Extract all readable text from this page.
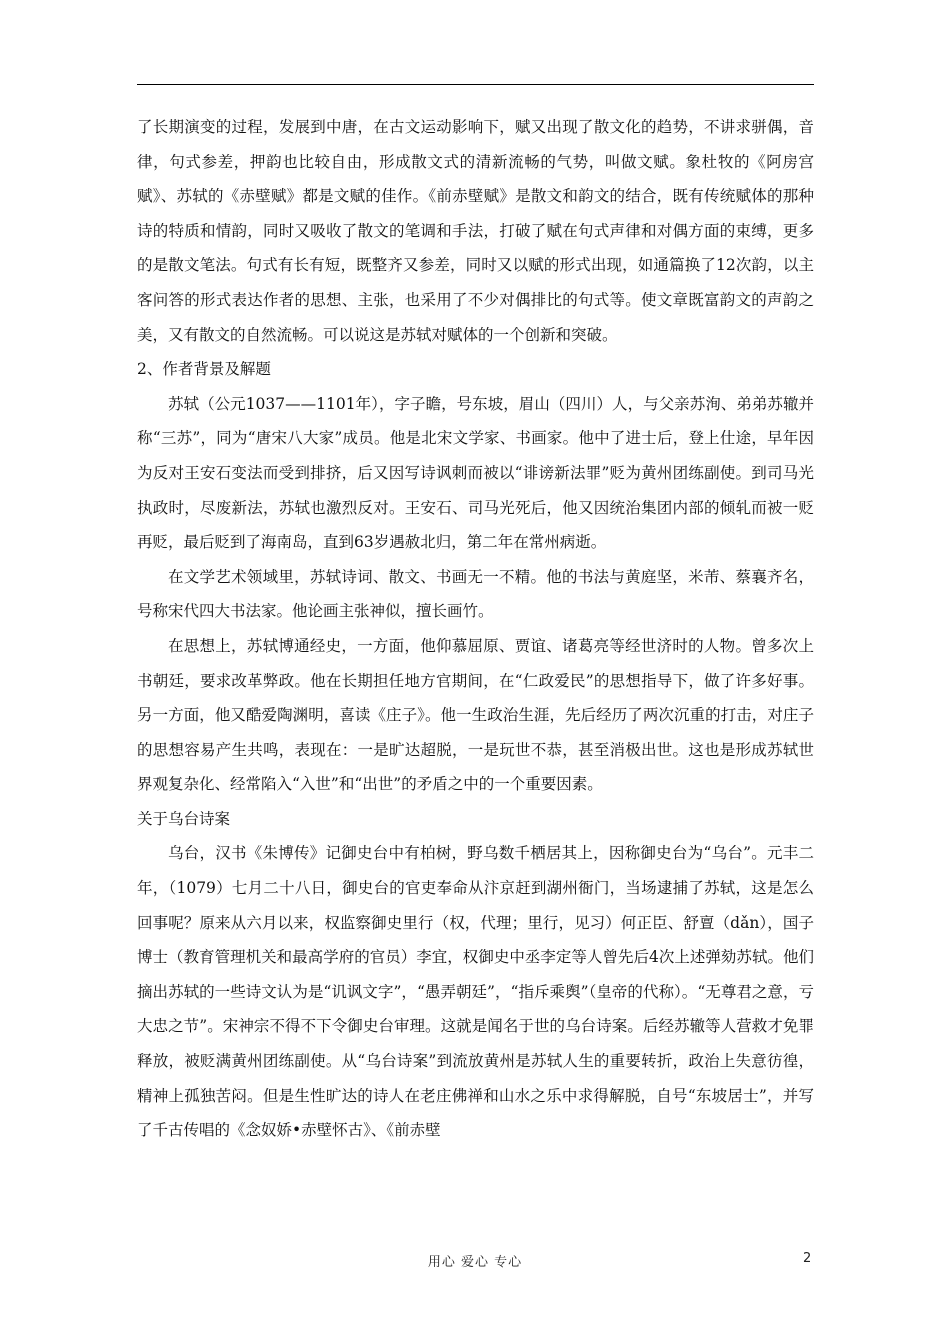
了长期演变的过程，发展到中唐，在古文运动影响下，赋又出现了散文化的趋势，不讲求骈偶，音律，句式参差，押韵也比较自由，形成散文式的清新流畅的气势，叫做文赋。象杜牧的《阿房宫赋》、苏轼的《赤壁赋》都是文赋的佳作。《前赤壁赋》是散文和韵文的结合，既有传统赋体的那种诗的特质和情韵，同时又吸收了散文的笔调和手法，打破了赋在句式声律和对偶方面的束缚，更多的是散文笔法。句式有长有短，既整齐又参差，同时又以赋的形式出现，如通篇换了12次韵，以主客问答的形式表达作者的思想、主张，也采用了不少对偶排比的句式等。使文章既富韵文的声韵之美，又有散文的自然流畅。可以说这是苏轼对赋体的一个创新和突破。

2、作者背景及解题

苏轼（公元1037——1101年），字子瞻，号东坡，眉山（四川）人，与父亲苏洵、弟弟苏辙并称“三苏”，同为“唐宋八大家”成员。他是北宋文学家、书画家。他中了进士后，登上仕途，早年因为反对王安石变法而受到排挤，后又因写诗讽刺而被以“诽谤新法罪”贬为黄州团练副使。到司马光执政时，尽废新法，苏轼也激烈反对。王安石、司马光死后，他又因统治集团内部的倾轧而被一贬再贬，最后贬到了海南岛，直到63岁遇赦北归，第二年在常州病逝。

在文学艺术领域里，苏轼诗词、散文、书画无一不精。他的书法与黄庭坚，米芾、蔡襄齐名，号称宋代四大书法家。他论画主张神似，擅长画竹。

在思想上，苏轼博通经史，一方面，他仰慕屈原、贾谊、诸葛亮等经世济时的人物。曾多次上书朝廷，要求改革弊政。他在长期担任地方官期间，在“仁政爱民”的思想指导下，做了许多好事。另一方面，他又酷爱陶渊明，喜读《庄子》。他一生政治生涯，先后经历了两次沉重的打击，对庄子的思想容易产生共鸣，表现在：一是旷达超脱，一是玩世不恭，甚至消极出世。这也是形成苏轼世界观复杂化、经常陷入“入世”和“出世”的矛盾之中的一个重要因素。

关于乌台诗案

乌台，汉书《朱博传》记御史台中有柏树，野乌数千栖居其上，因称御史台为“乌台”。元丰二年，（1079）七月二十八日，御史台的官吏奉命从汴京赶到湖州衙门，当场逮捕了苏轼，这是怎么回事呢？原来从六月以来，权监察御史里行（权，代理；里行，见习）何正臣、舒亶（dǎn），国子博士（教育管理机关和最高学府的官员）李宜，权御史中丞李定等人曾先后4次上述弹劾苏轼。他们摘出苏轼的一些诗文认为是“讥讽文字”，“愚弄朝廷”，“指斥乘舆”（皇帝的代称）。“无尊君之意，亏大忠之节”。宋神宗不得不下令御史台审理。这就是闻名于世的乌台诗案。后经苏辙等人营救才免罪释放，被贬满黄州团练副使。从“乌台诗案”到流放黄州是苏轼人生的重要转折，政治上失意彷徨，精神上孤独苦闷。但是生性旷达的诗人在老庄佛禅和山水之乐中求得解脱，自号“东坡居士”，并写了千古传唱的《念奴娇•赤壁怀古》、《前赤壁

用心 爱心 专心	2
